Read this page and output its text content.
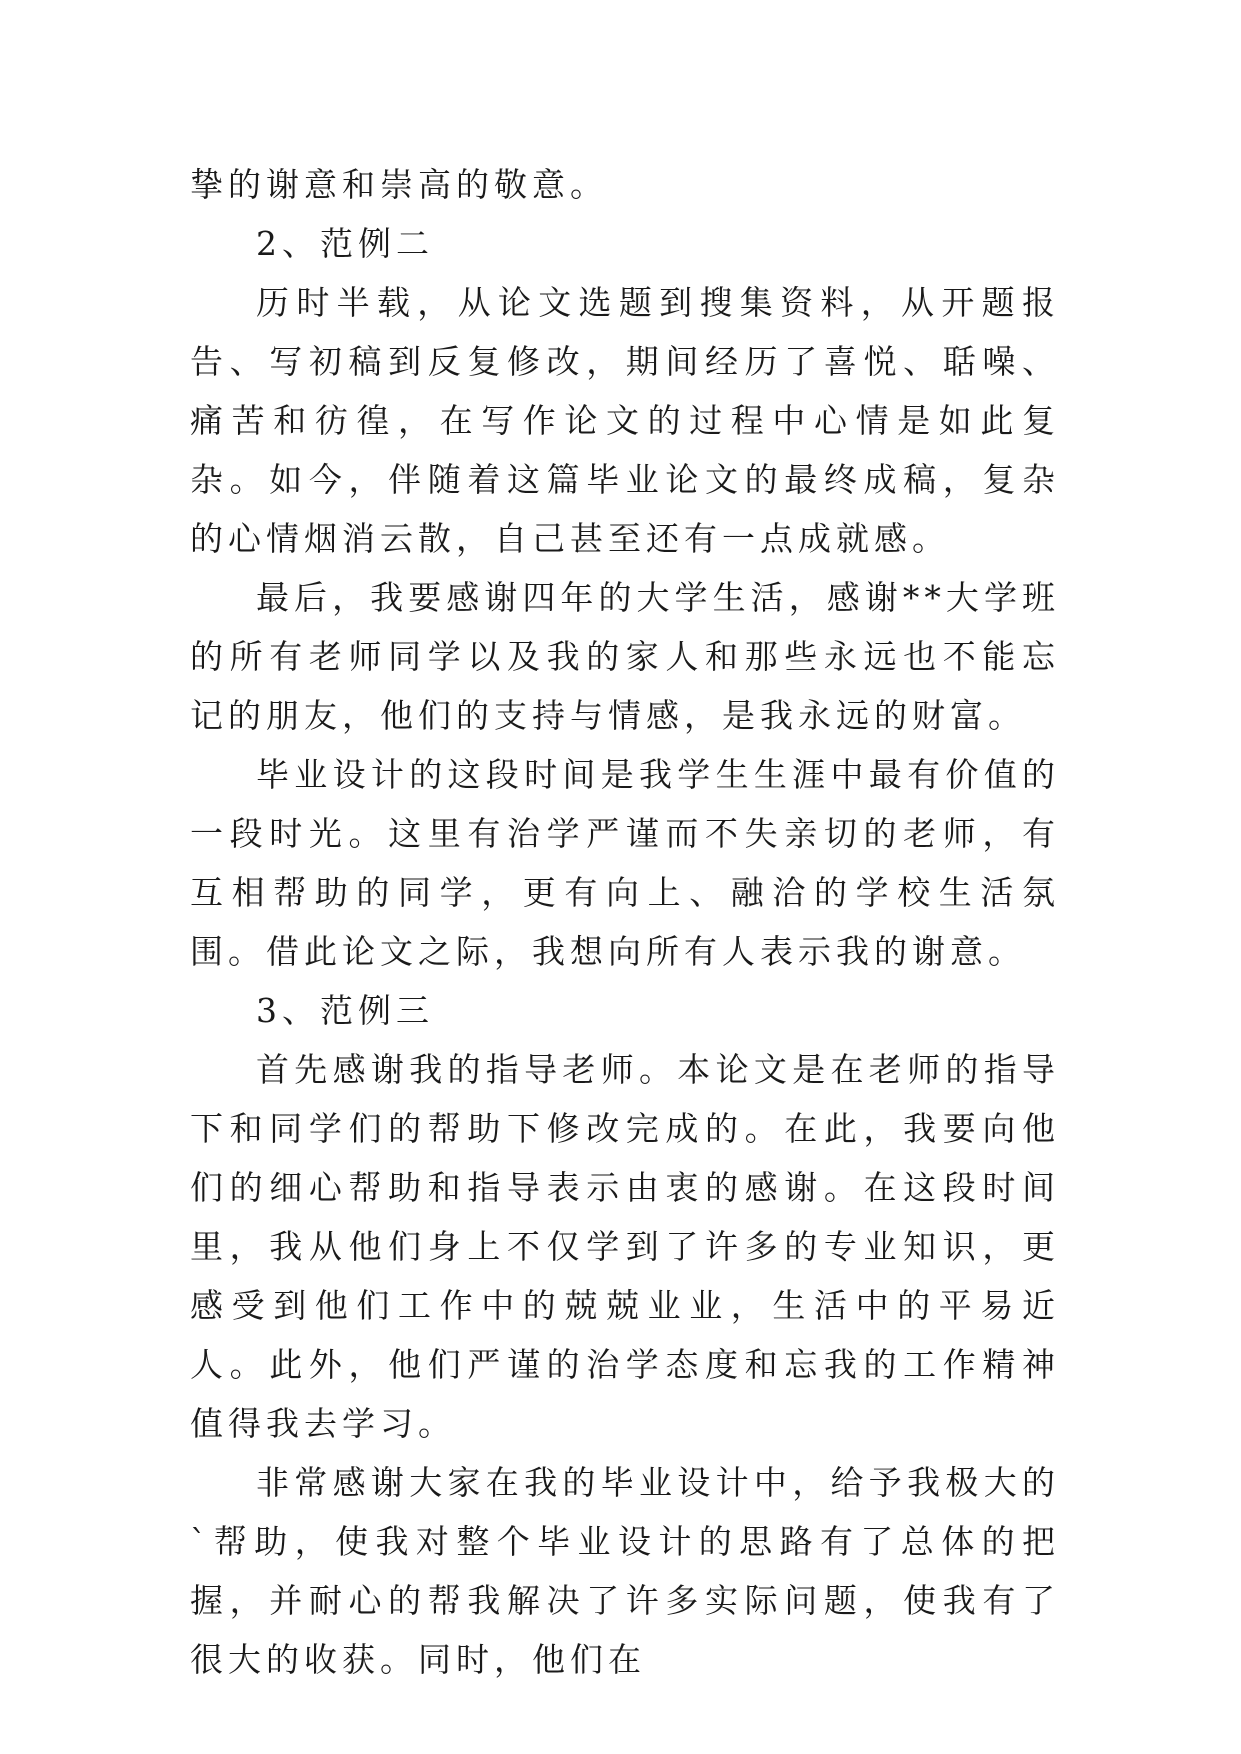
挚的谢意和崇高的敬意。

2、范例二

历时半载，从论文选题到搜集资料，从开题报告、写初稿到反复修改，期间经历了喜悦、聒噪、痛苦和彷徨，在写作论文的过程中心情是如此复杂。如今，伴随着这篇毕业论文的最终成稿，复杂的心情烟消云散，自己甚至还有一点成就感。

最后，我要感谢四年的大学生活，感谢**大学班的所有老师同学以及我的家人和那些永远也不能忘记的朋友，他们的支持与情感，是我永远的财富。

毕业设计的这段时间是我学生生涯中最有价值的一段时光。这里有治学严谨而不失亲切的老师，有互相帮助的同学，更有向上、融洽的学校生活氛围。借此论文之际，我想向所有人表示我的谢意。

3、范例三

首先感谢我的指导老师。本论文是在老师的指导下和同学们的帮助下修改完成的。在此，我要向他们的细心帮助和指导表示由衷的感谢。在这段时间里，我从他们身上不仅学到了许多的专业知识，更感受到他们工作中的兢兢业业，生活中的平易近人。此外，他们严谨的治学态度和忘我的工作精神值得我去学习。

非常感谢大家在我的毕业设计中，给予我极大的`帮助，使我对整个毕业设计的思路有了总体的把握，并耐心的帮我解决了许多实际问题，使我有了很大的收获。同时，他们在
